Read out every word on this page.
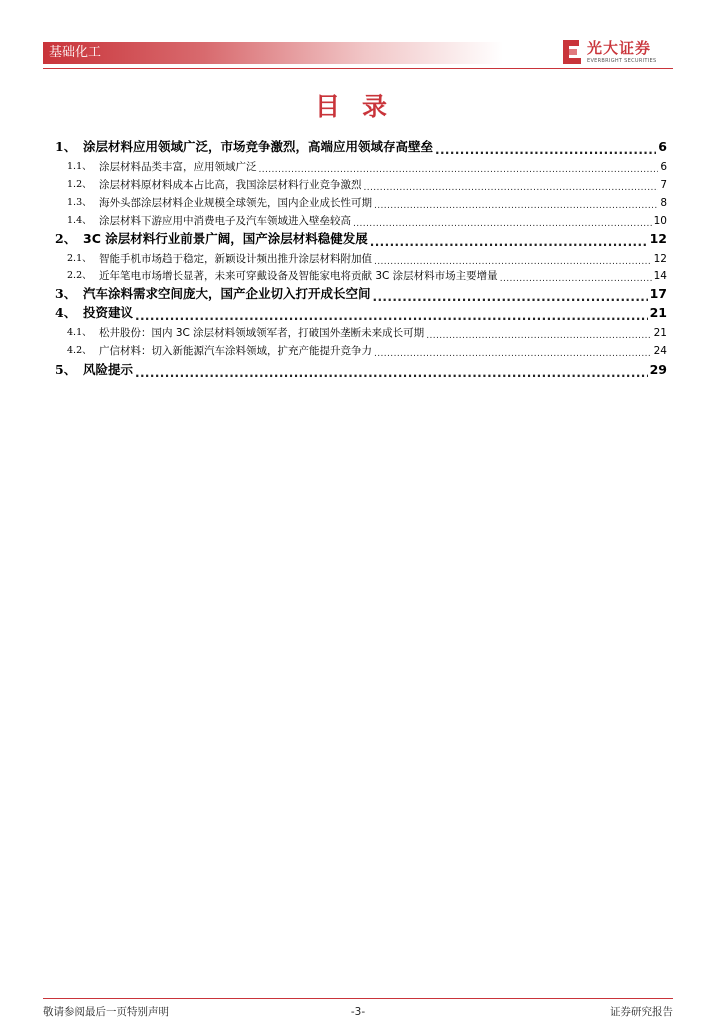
基础化工	光大证券
EVERBRIGHT SECURITIES
目录
1、 涂层材料应用领域广泛，市场竞争激烈，高端应用领域存高壁垒 .....	6
1.1、 涂层材料品类丰富，应用领域广泛 .....	6
1.2、 涂层材料原材料成本占比高，我国涂层材料行业竞争激烈 .....	7
1.3、 海外头部涂层材料企业规模全球领先，国内企业成长性可期 .....	8
1.4、 涂层材料下游应用中消费电子及汽车领域进入壁垒较高 .....	10
2、 3C 涂层材料行业前景广阔，国产涂层材料稳健发展 .....	12
2.1、 智能手机市场趋于稳定，新颖设计频出推升涂层材料附加值 .....	12
2.2、 近年笔电市场增长显著，未来可穿戴设备及智能家电将贡献 3C 涂层材料市场主要增量 .....	14
3、 汽车涂料需求空间庞大，国产企业切入打开成长空间 .....	17
4、 投资建议 .....	21
4.1、 松井股份：国内 3C 涂层材料领域领军者，打破国外垄断未来成长可期 .....	21
4.2、 广信材料：切入新能源汽车涂料领域，扩充产能提升竞争力 .....	24
5、 风险提示 .....	29
敬请参阅最后一页特别声明	-3-	证券研究报告
